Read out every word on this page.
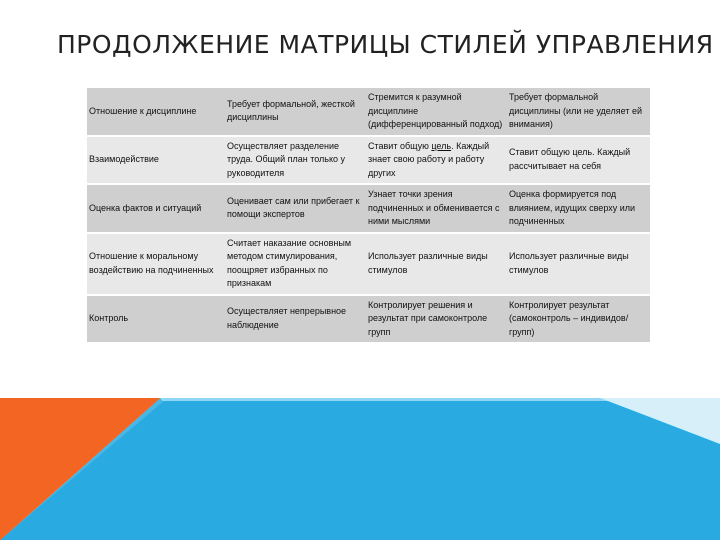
ПРОДОЛЖЕНИЕ МАТРИЦЫ СТИЛЕЙ УПРАВЛЕНИЯ
Отношение к дисциплине	Требует формальной, жесткой дисциплины	Стремится к разумной дисциплине (дифференцированный подход)	Требует формальной дисциплины (или не уделяет ей внимания)
Взаимодействие	Осуществляет разделение труда. Общий план только у руководителя	Ставит общую цель. Каждый знает свою работу и работу других	Ставит общую цель. Каждый рассчитывает на себя
Оценка фактов и ситуаций	Оценивает сам или прибегает к помощи экспертов	Узнает точки зрения подчиненных и обменивается с ними мыслями	Оценка формируется под влиянием, идущих сверху или подчиненных
Отношение к моральному воздействию на подчиненных	Считает наказание основным методом стимулирования, поощряет избранных по признакам	Использует различные виды стимулов	Использует различные виды стимулов
Контроль	Осуществляет непрерывное наблюдение	Контролирует решения и результат при самоконтроле групп	Контролирует результат (самоконтроль – индивидов/групп)
